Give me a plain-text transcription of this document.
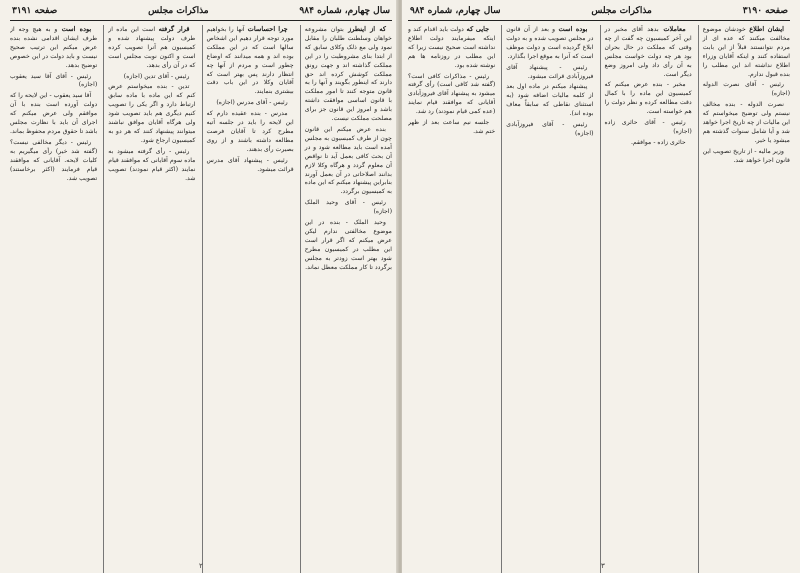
سال چهارم، شماره ۹۸۴
مذاکرات مجلس
صفحه ۳۱۹۱

که از اینطرز بتوان مشروعه خواهان وسلطنت طلبان را مقابل نمود ولی مع ذلک وکلای سابق که از ابتدا بنای مشروطیت را در این مملکت گذاشته اند و جهت رونق مملکت کوشش کرده اند حق دارند که اینطور بگویند و آنها را به قانون متوجه کنند تا امور مملکت با قانون اساسی موافقت داشته باشد و امروز این قانون جز برای مصلحت مملکت نیست.

بنده عرض میکنم این قانون چون از طرف کمیسیون به مجلس آمده است باید مطالعه شود و در آن بحث کافی بعمل آید تا نواقص آن معلوم گردد و هرگاه وکلا لازم بدانند اصلاحاتی در آن بعمل آورند بنابراین پیشنهاد میکنم که این ماده به کمیسیون برگردد.

رئیس - آقای وحید الملک (اجازه)

وحید الملک - بنده در این موضوع مخالفتی ندارم لیکن عرض میکنم که اگر قرار است این مطلب در کمیسیون مطرح شود بهتر است زودتر به مجلس برگردد تا کار مملکت معطل نماند.

چرا احساسات آنها را بخواهیم مورد توجه قرار دهیم این اشخاص سالها است که در این مملکت بوده اند و همه میدانند که اوضاع چطور است و مردم از آنها چه انتظار دارند پس بهتر است که آقایان وکلا در این باب دقت بیشتری بنمایند.

رئیس - آقای مدرس (اجازه)

مدرس - بنده عقیده دارم که این لایحه را باید در جلسه آتیه مطرح کرد تا آقایان فرصت مطالعه داشته باشند و از روی بصیرت رأی بدهند.

رئیس - پیشنهاد آقای مدرس قرائت میشود.

قرار گرفته است این ماده از طرف دولت پیشنهاد شده و کمیسیون هم آنرا تصویب کرده است و اکنون نوبت مجلس است که در آن رأی بدهد.

رئیس - آقای تدین (اجازه)

تدین - بنده میخواستم عرض کنم که این ماده با ماده سابق ارتباط دارد و اگر یکی را تصویب کنیم دیگری هم باید تصویب شود ولی هرگاه آقایان موافق نباشند میتوانند پیشنهاد کنند که هر دو به کمیسیون ارجاع شود.

رئیس - رأی گرفته میشود به ماده سوم آقایانی که موافقند قیام نمایند (اکثر قیام نمودند) تصویب شد.

بوده است و به هیچ وجه از طرف ایشان اقدامی نشده بنده عرض میکنم این ترتیب صحیح نیست و باید دولت در این خصوص توضیح بدهد.

رئیس - آقای آقا سید یعقوب (اجازه)

آقا سید یعقوب - این لایحه را که دولت آورده است بنده با آن موافقم ولی عرض میکنم که اجرای آن باید با نظارت مجلس باشد تا حقوق مردم محفوظ بماند.

رئیس - دیگر مخالفی نیست؟ (گفته شد خیر) رأی میگیریم به کلیات لایحه. آقایانی که موافقند قیام فرمایند (اکثر برخاستند) تصویب شد.

۲
صفحه ۳۱۹۰
مذاکرات مجلس
سال چهارم، شماره ۹۸۴

ایشان اطلاع خودشان موضوع مخالفت میکنند که عده ای از مردم نتوانستند قبلاً از این بابت استفاده کنند و اینکه آقایان وزراء اطلاع نداشته اند این مطلب را بنده قبول ندارم.

رئیس - آقای نصرت الدوله (اجازه)

نصرت الدوله - بنده مخالف نیستم ولی توضیح میخواستم که این مالیات از چه تاریخ اجرا خواهد شد و آیا شامل سنوات گذشته هم میشود یا خیر.

وزیر مالیه - از تاریخ تصویب این قانون اجرا خواهد شد.

معاملات بدهد آقای مخبر در این آخر کمیسیون چه گفت از چه وقتی که مملکت در حال بحران بود هر چه دولت خواست مجلس به آن رأی داد ولی امروز وضع دیگر است.

مخبر - بنده عرض میکنم که کمیسیون این ماده را با کمال دقت مطالعه کرده و نظر دولت را هم خواسته است.

رئیس - آقای حائری زاده (اجازه)

حائری زاده - موافقم.

بوده است و بعد از آن قانون در مجلس تصویب شده و به دولت ابلاغ گردیده است و دولت موظف است که آنرا به موقع اجرا بگذارد.

رئیس - پیشنهاد آقای فیروزآبادی قرائت میشود.

پیشنهاد میکنم در ماده اول بعد از کلمه مالیات اضافه شود (به استثنای نقاطی که سابقاً معاف بوده اند).

رئیس - آقای فیروزآبادی (اجازه)

جایی که دولت باید اقدام کند و اینکه میفرمایند دولت اطلاع نداشته است صحیح نیست زیرا که این مطلب در روزنامه ها هم نوشته شده بود.

رئیس - مذاکرات کافی است؟ (گفته شد کافی است) رأی گرفته میشود به پیشنهاد آقای فیروزآبادی آقایانی که موافقند قیام نمایند (عده کمی قیام نمودند) رد شد.

جلسه نیم ساعت بعد از ظهر ختم شد.

۳
